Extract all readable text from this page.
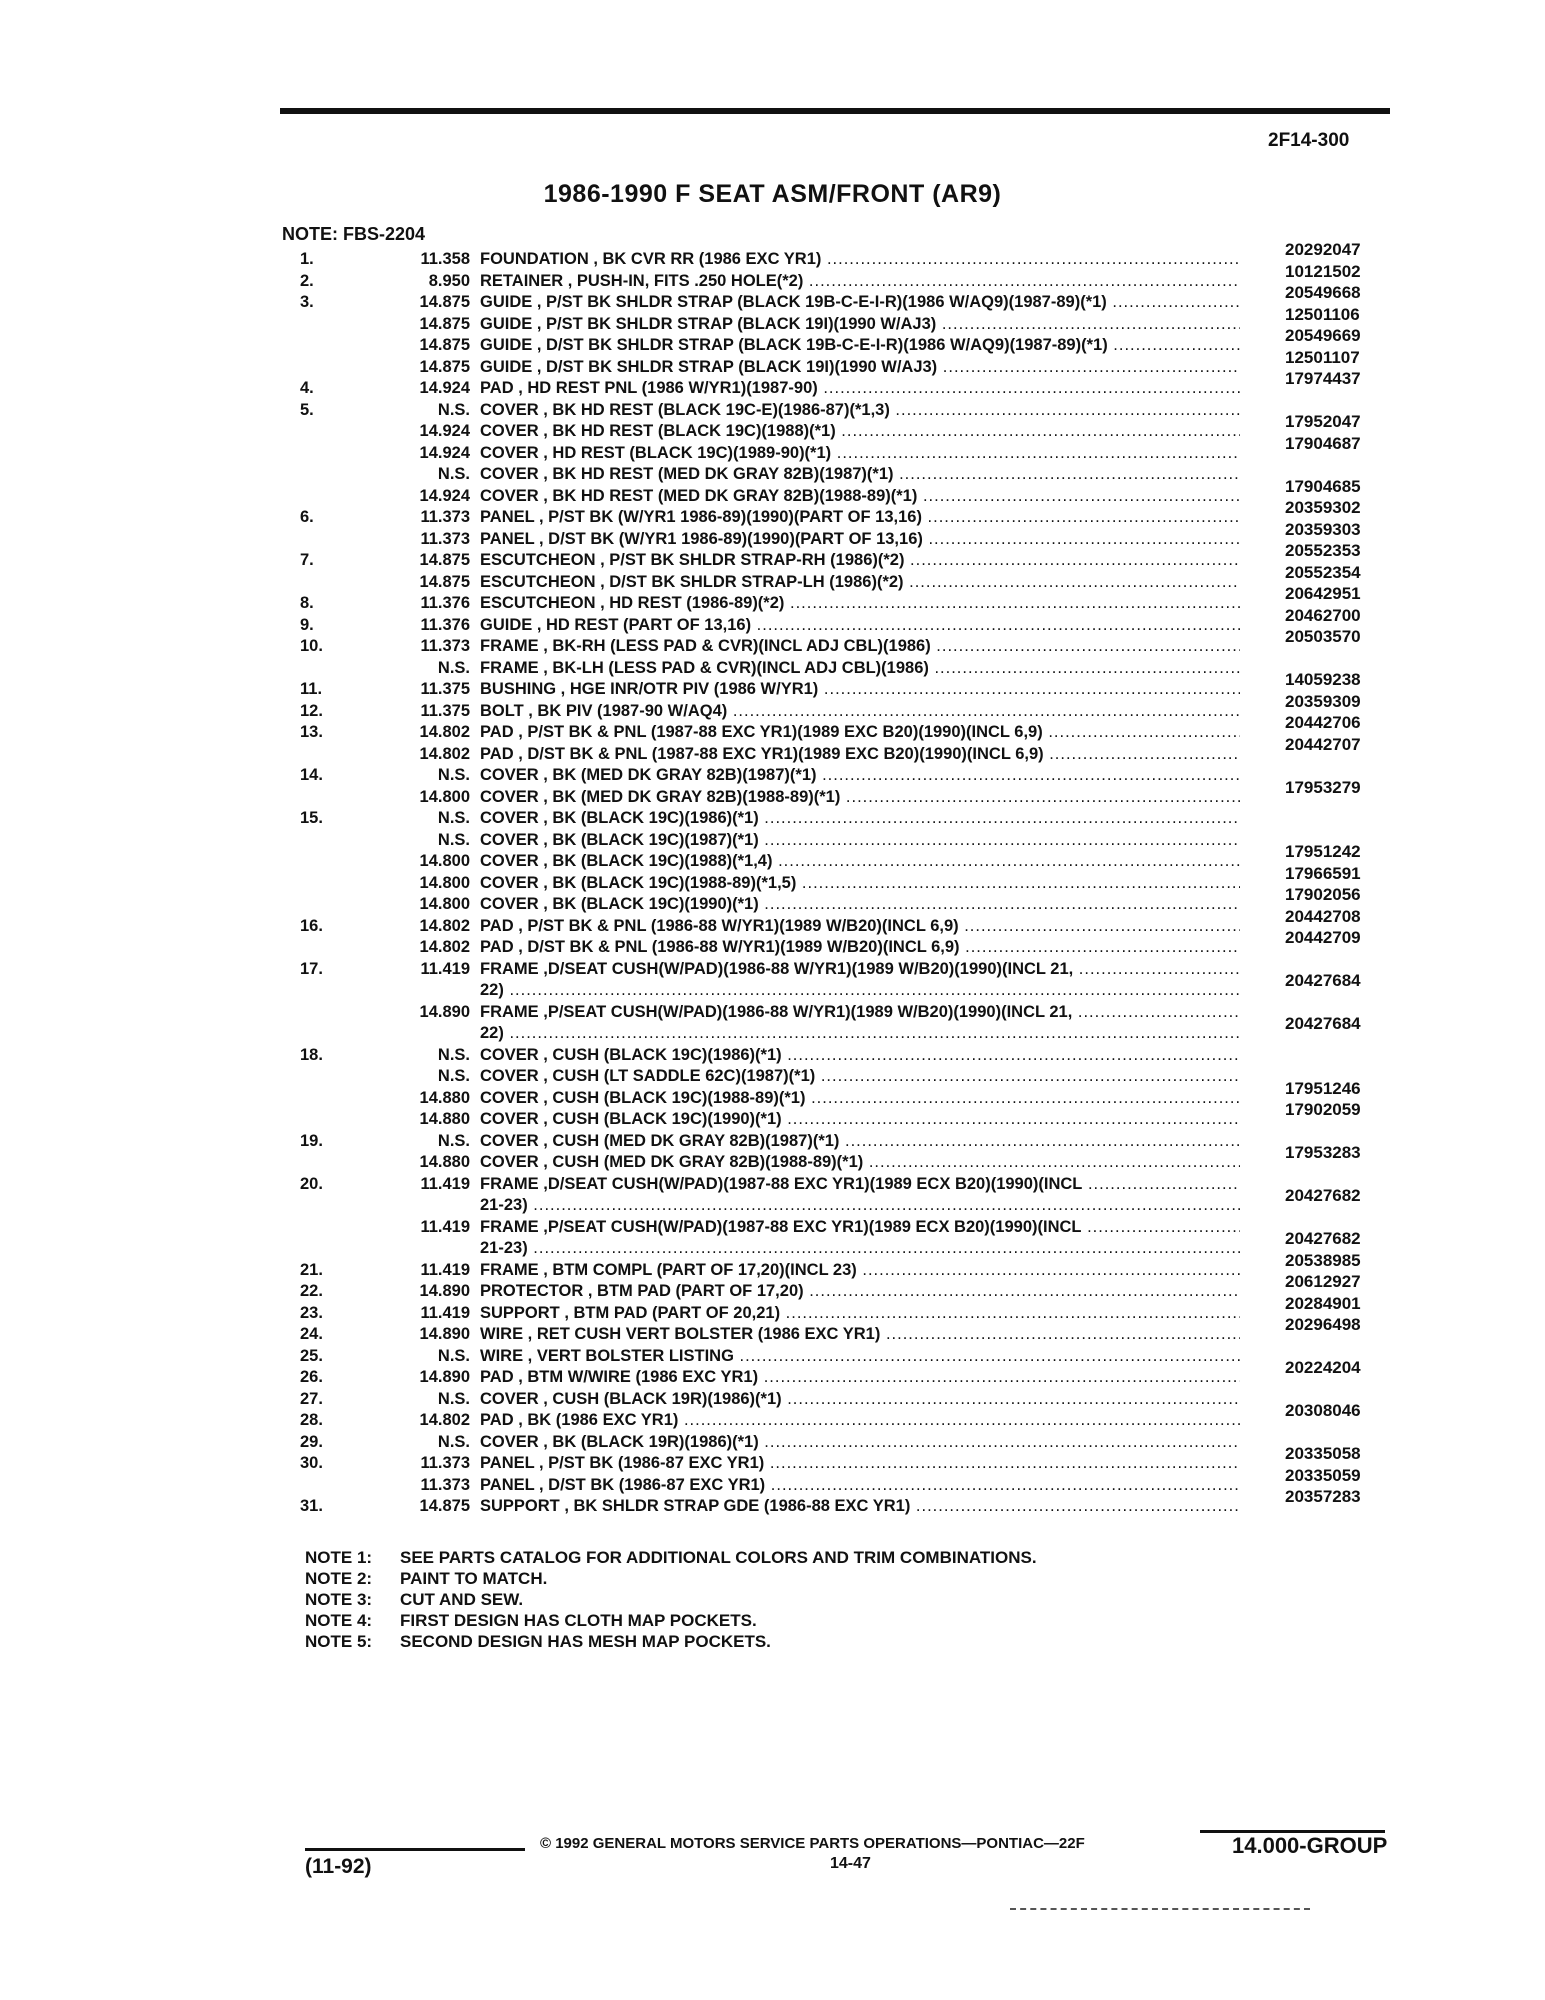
2F14-300
1986-1990 F SEAT ASM/FRONT (AR9)
NOTE: FBS-2204
1.	11.358 FOUNDATION , BK CVR RR (1986 EXC YR1) .....	20292047
2.	8.950 RETAINER , PUSH-IN, FITS .250 HOLE(*2) .....	10121502
3.	14.875 GUIDE , P/ST BK SHLDR STRAP (BLACK 19B-C-E-I-R)(1986 W/AQ9)(1987-89)(*1) .....	20549668
14.875 GUIDE , P/ST BK SHLDR STRAP (BLACK 19I)(1990 W/AJ3) .....	12501106
14.875 GUIDE , D/ST BK SHLDR STRAP (BLACK 19B-C-E-I-R)(1986 W/AQ9)(1987-89)(*1) .....	20549669
14.875 GUIDE , D/ST BK SHLDR STRAP (BLACK 19I)(1990 W/AJ3) .....	12501107
4.	14.924 PAD , HD REST PNL (1986 W/YR1)(1987-90) .....	17974437
5.	N.S. COVER , BK HD REST (BLACK 19C-E)(1986-87)(*1,3) .....
14.924 COVER , BK HD REST (BLACK 19C)(1988)(*1) .....	17952047
14.924 COVER , HD REST (BLACK 19C)(1989-90)(*1) .....	17904687
N.S. COVER , BK HD REST (MED DK GRAY 82B)(1987)(*1) .....
14.924 COVER , BK HD REST (MED DK GRAY 82B)(1988-89)(*1) .....	17904685
6.	11.373 PANEL , P/ST BK (W/YR1 1986-89)(1990)(PART OF 13,16) .....	20359302
11.373 PANEL , D/ST BK (W/YR1 1986-89)(1990)(PART OF 13,16) .....	20359303
7.	14.875 ESCUTCHEON , P/ST BK SHLDR STRAP-RH (1986)(*2) .....	20552353
14.875 ESCUTCHEON , D/ST BK SHLDR STRAP-LH (1986)(*2) .....	20552354
8.	11.376 ESCUTCHEON , HD REST (1986-89)(*2) .....	20642951
9.	11.376 GUIDE , HD REST (PART OF 13,16) .....	20462700
10.	11.373 FRAME , BK-RH (LESS PAD & CVR)(INCL ADJ CBL)(1986) .....	20503570
N.S. FRAME , BK-LH (LESS PAD & CVR)(INCL ADJ CBL)(1986) .....
11.	11.375 BUSHING , HGE INR/OTR PIV (1986 W/YR1) .....	14059238
12.	11.375 BOLT , BK PIV (1987-90 W/AQ4) .....	20359309
13.	14.802 PAD , P/ST BK & PNL (1987-88 EXC YR1)(1989 EXC B20)(1990)(INCL 6,9) .....	20442706
14.802 PAD , D/ST BK & PNL (1987-88 EXC YR1)(1989 EXC B20)(1990)(INCL 6,9) .....	20442707
14.	N.S. COVER , BK (MED DK GRAY 82B)(1987)(*1) .....
14.800 COVER , BK (MED DK GRAY 82B)(1988-89)(*1) .....	17953279
15.	N.S. COVER , BK (BLACK 19C)(1986)(*1) .....
N.S. COVER , BK (BLACK 19C)(1987)(*1) .....
14.800 COVER , BK (BLACK 19C)(1988)(*1,4) .....	17951242
14.800 COVER , BK (BLACK 19C)(1988-89)(*1,5) .....	17966591
14.800 COVER , BK (BLACK 19C)(1990)(*1) .....	17902056
16.	14.802 PAD , P/ST BK & PNL (1986-88 W/YR1)(1989 W/B20)(INCL 6,9) .....	20442708
14.802 PAD , D/ST BK & PNL (1986-88 W/YR1)(1989 W/B20)(INCL 6,9) .....	20442709
17.	11.419 FRAME ,D/SEAT CUSH(W/PAD)(1986-88 W/YR1)(1989 W/B20)(1990)(INCL 21, .....
22) .....	20427684
14.890 FRAME ,P/SEAT CUSH(W/PAD)(1986-88 W/YR1)(1989 W/B20)(1990)(INCL 21, .....
22) .....	20427684
18.	N.S. COVER , CUSH (BLACK 19C)(1986)(*1) .....
N.S. COVER , CUSH (LT SADDLE 62C)(1987)(*1) .....
14.880 COVER , CUSH (BLACK 19C)(1988-89)(*1) .....	17951246
14.880 COVER , CUSH (BLACK 19C)(1990)(*1) .....	17902059
19.	N.S. COVER , CUSH (MED DK GRAY 82B)(1987)(*1) .....
14.880 COVER , CUSH (MED DK GRAY 82B)(1988-89)(*1) .....	17953283
20.	11.419 FRAME ,D/SEAT CUSH(W/PAD)(1987-88 EXC YR1)(1989 ECX B20)(1990)(INCL .....
21-23) .....	20427682
11.419 FRAME ,P/SEAT CUSH(W/PAD)(1987-88 EXC YR1)(1989 ECX B20)(1990)(INCL .....
21-23) .....	20427682
21.	11.419 FRAME , BTM COMPL (PART OF 17,20)(INCL 23) .....	20538985
22.	14.890 PROTECTOR , BTM PAD (PART OF 17,20) .....	20612927
23.	11.419 SUPPORT , BTM PAD (PART OF 20,21) .....	20284901
24.	14.890 WIRE , RET CUSH VERT BOLSTER (1986 EXC YR1) .....	20296498
25.	N.S. WIRE , VERT BOLSTER LISTING .....
26.	14.890 PAD , BTM W/WIRE (1986 EXC YR1) .....	20224204
27.	N.S. COVER , CUSH (BLACK 19R)(1986)(*1) .....
28.	14.802 PAD , BK (1986 EXC YR1) .....	20308046
29.	N.S. COVER , BK (BLACK 19R)(1986)(*1) .....
30.	11.373 PANEL , P/ST BK (1986-87 EXC YR1) .....	20335058
11.373 PANEL , D/ST BK (1986-87 EXC YR1) .....	20335059
31.	14.875 SUPPORT , BK SHLDR STRAP GDE (1986-88 EXC YR1) .....	20357283
NOTE 1: SEE PARTS CATALOG FOR ADDITIONAL COLORS AND TRIM COMBINATIONS.
NOTE 2: PAINT TO MATCH.
NOTE 3: CUT AND SEW.
NOTE 4: FIRST DESIGN HAS CLOTH MAP POCKETS.
NOTE 5: SECOND DESIGN HAS MESH MAP POCKETS.
(11-92)
© 1992 GENERAL MOTORS SERVICE PARTS OPERATIONS—PONTIAC—22F
14-47
14.000-GROUP
